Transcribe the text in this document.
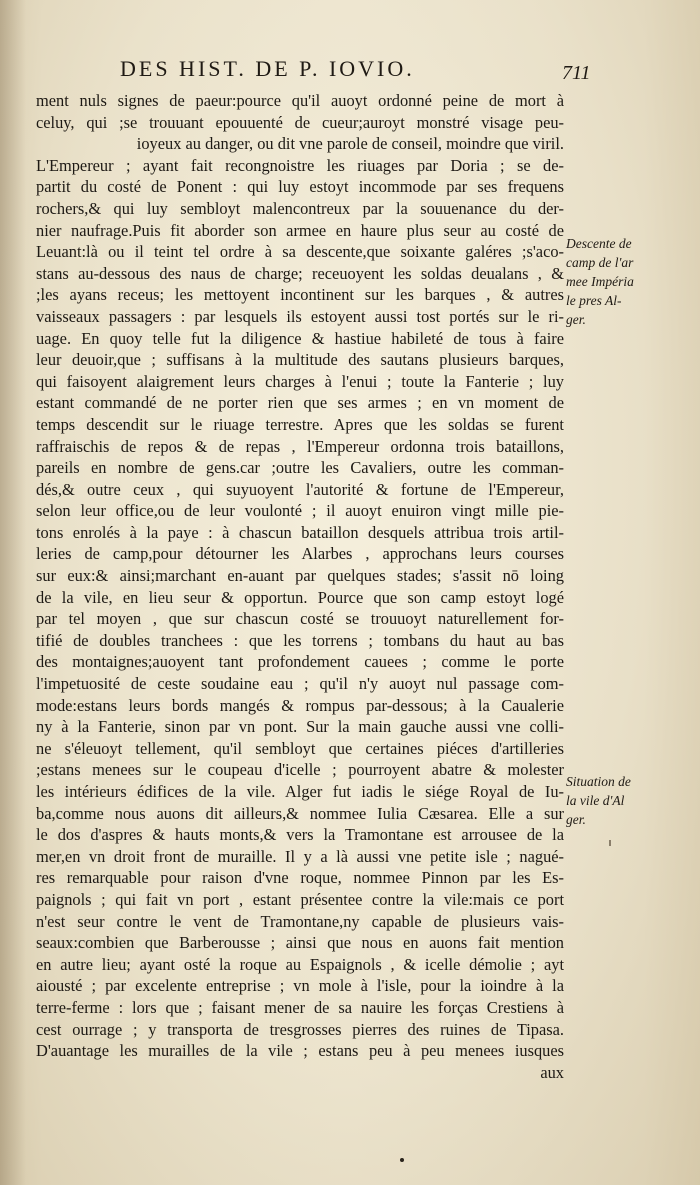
DES HIST. DE P. IOVIO.	711
ment nuls signes de paeur:pource qu'il auoyt ordonné peine de mort à
celuy, qui ;se trouuant epouuenté de cueur;auroyt monstré visage peu-
ioyeux au danger, ou dit vne parole de conseil, moindre que viril.
L'Empereur ; ayant fait recongnoistre les riuages par Doria ; se de-
partit du costé de Ponent : qui luy estoyt incommode par ses frequens
rochers,& qui luy sembloyt malencontreux par la souuenance du der-
nier naufrage.Puis fit aborder son armee en haure plus seur au costé de
Leuant:là ou il teint tel ordre à sa descente,que soixante galéres ;s'aco-
stans au-dessous des naus de charge; receuoyent les soldas deualans , &
;les ayans receus; les mettoyent incontinent sur les barques , & autres
vaisseaux passagers : par lesquels ils estoyent aussi tost portés sur le ri-
uage. En quoy telle fut la diligence & hastiue habileté de tous à faire
leur deuoir,que ; suffisans à la multitude des sautans plusieurs barques,
qui faisoyent alaigrement leurs charges à l'enui ; toute la Fanterie ; luy
estant commandé de ne porter rien que ses armes ; en vn moment de
temps descendit sur le riuage terrestre. Apres que les soldas se furent
raffraischis de repos & de repas , l'Empereur ordonna trois bataillons,
pareils en nombre de gens.car ;outre les Cavaliers, outre les comman-
dés,& outre ceux , qui suyuoyent l'autorité & fortune de l'Empereur,
selon leur office,ou de leur voulonté ; il auoyt enuiron vingt mille pie-
tons enrolés à la paye : à chascun bataillon desquels attribua trois artil-
leries de camp,pour détourner les Alarbes , approchans leurs courses
sur eux:& ainsi;marchant en-auant par quelques stades; s'assit nō loing
de la vile, en lieu seur & opportun. Pource que son camp estoyt logé
par tel moyen , que sur chascun costé se trouuoyt naturellement for-
tifié de doubles tranchees : que les torrens ; tombans du haut au bas
des montaignes;auoyent tant profondement cauees ; comme le porte
l'impetuosité de ceste soudaine eau ; qu'il n'y auoyt nul passage com-
mode:estans leurs bords mangés & rompus par-dessous; à la Caualerie
ny à la Fanterie, sinon par vn pont. Sur la main gauche aussi vne colli-
ne s'éleuoyt tellement, qu'il sembloyt que certaines piéces d'artilleries
;estans menees sur le coupeau d'icelle ; pourroyent abatre & molester
les intérieurs édifices de la vile. Alger fut iadis le siége Royal de Iu-
ba,comme nous auons dit ailleurs,& nommee Iulia Cæsarea. Elle a sur
le dos d'aspres & hauts monts,& vers la Tramontane est arrousee de la
mer,en vn droit front de muraille. Il y a là aussi vne petite isle ; nagué-
res remarquable pour raison d'vne roque, nommee Pinnon par les Es-
paignols ; qui fait vn port , estant présentee contre la vile:mais ce port
n'est seur contre le vent de Tramontane,ny capable de plusieurs vais-
seaux:combien que Barberousse ; ainsi que nous en auons fait mention
en autre lieu; ayant osté la roque au Espaignols , & icelle démolie ; ayt
aiousté ; par excelente entreprise ; vn mole à l'isle, pour la ioindre à la
terre-ferme : lors que ; faisant mener de sa nauire les forças Crestiens à
cest ourrage ; y transporta de tresgrosses pierres des ruines de Tipasa.
D'auantage les murailles de la vile ; estans peu à peu menees iusques
aux
Descente de
camp de l'ar
mee Impéria
le pres Al-
ger.
Situation de
la vile d'Al
ger.
